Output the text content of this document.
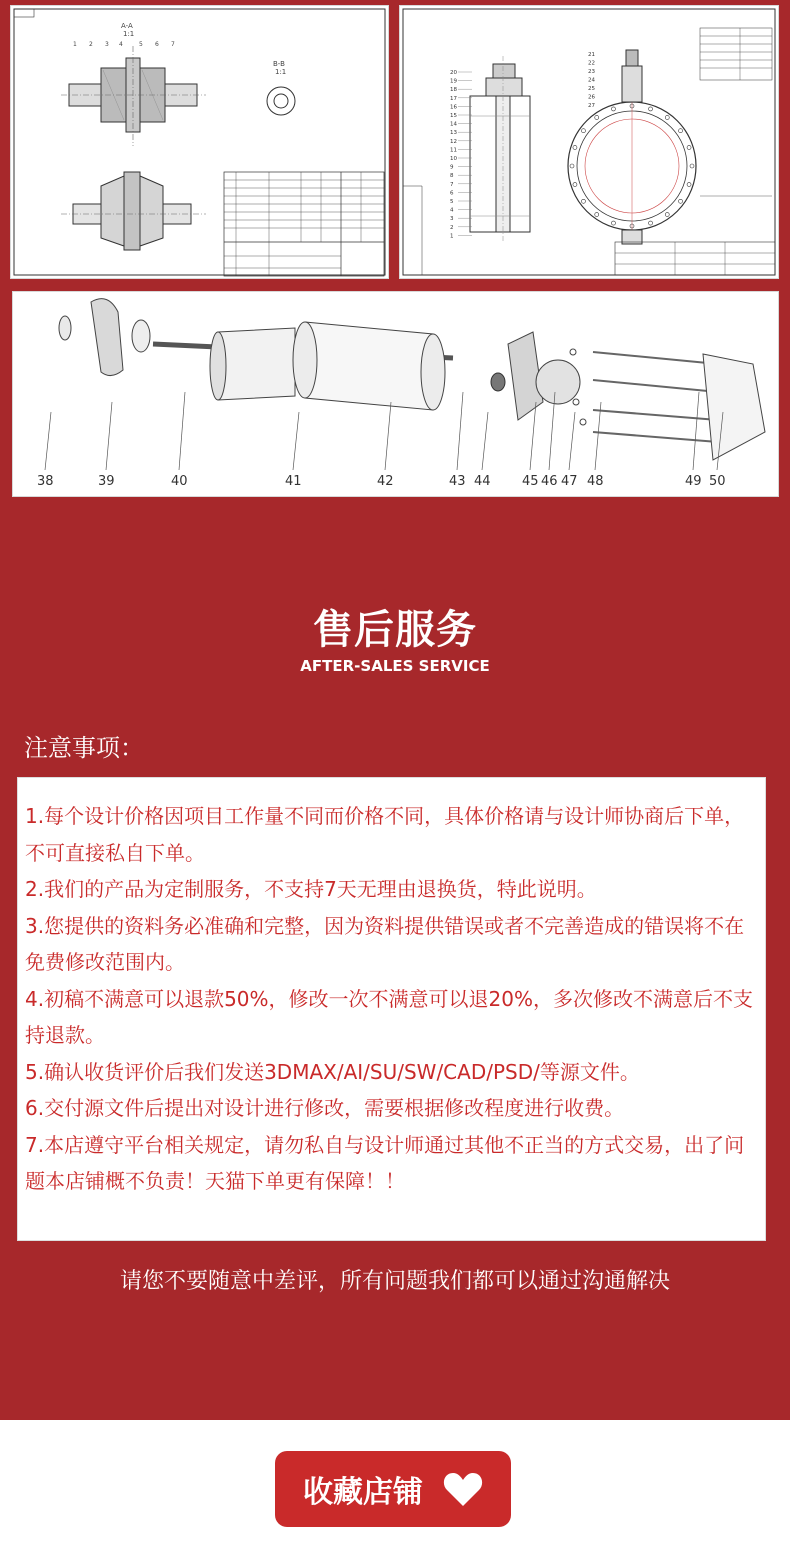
A-A
1:1
1 2 3 4	5 6 7
B-B
1:1	20
19
18
17
16
15
14
13
12
11
10
9
8
7
6
5
4
3
2
1
21
22
23
24
25
26
27
38	39	40	41	42	43 44 45 46 47 48	49 50
售后服务
AFTER-SALES SERVICE
注意事项：
1.每个设计价格因项目工作量不同而价格不同，具体价格请与设计师协商后下单，不可直接私自下单。
2.我们的产品为定制服务，不支持7天无理由退换货，特此说明。
3.您提供的资料务必准确和完整，因为资料提供错误或者不完善造成的错误将不在免费修改范围内。
4.初稿不满意可以退款50%，修改一次不满意可以退20%，多次修改不满意后不支持退款。
5.确认收货评价后我们发送3DMAX/AI/SU/SW/CAD/PSD/等源文件。
6.交付源文件后提出对设计进行修改，需要根据修改程度进行收费。
7.本店遵守平台相关规定，请勿私自与设计师通过其他不正当的方式交易，出了问题本店铺概不负责！天猫下单更有保障！！
请您不要随意中差评，所有问题我们都可以通过沟通解决
收藏店铺
